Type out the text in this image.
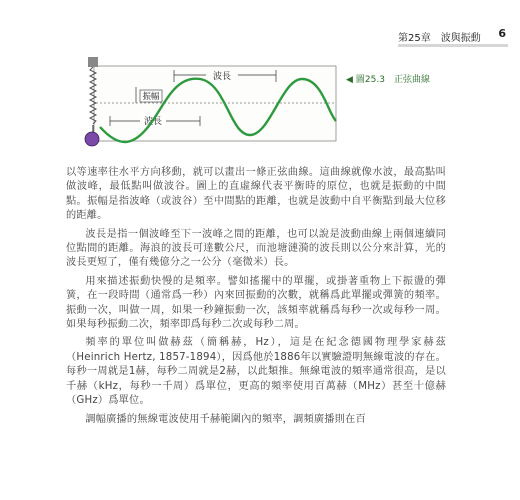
第25章　波與振動 6
波長
振幅
波長
◀ 圖25.3　正弦曲線

以等速率往水平方向移動，就可以畫出一條正弦曲線。這曲線就像水波，最高點叫做波峰，最低點叫做波谷。圖上的直虛線代表平衡時的原位，也就是振動的中間點。振幅是指波峰（或波谷）至中間點的距離，也就是波動中自平衡點到最大位移的距離。

波長是指一個波峰至下一波峰之間的距離，也可以說是波動曲線上兩個連續同位點間的距離。海浪的波長可達數公尺，而池塘漣漪的波長則以公分來計算，光的波長更短了，僅有幾億分之一公分（毫微米）長。

用來描述振動快慢的是頻率。譬如搖擺中的單擺，或掛著重物上下振盪的彈簧，在一段時間（通常爲一秒）內來回振動的次數，就稱爲此單擺或彈簧的頻率。振動一次，叫做一周，如果一秒鐘振動一次，該頻率就稱爲每秒一次或每秒一周。如果每秒振動二次，頻率即爲每秒二次或每秒二周。

頻率的單位叫做赫茲（簡稱赫，Hz），這是在紀念德國物理學家赫茲（Heinrich Hertz, 1857-1894），因爲他於1886年以實驗證明無線電波的存在。每秒一周就是1赫，每秒二周就是2赫，以此類推。無線電波的頻率通常很高，是以千赫（kHz，每秒一千周）爲單位，更高的頻率使用百萬赫（MHz）甚至十億赫（GHz）爲單位。

調幅廣播的無線電波使用千赫範圍內的頻率，調頻廣播則在百
